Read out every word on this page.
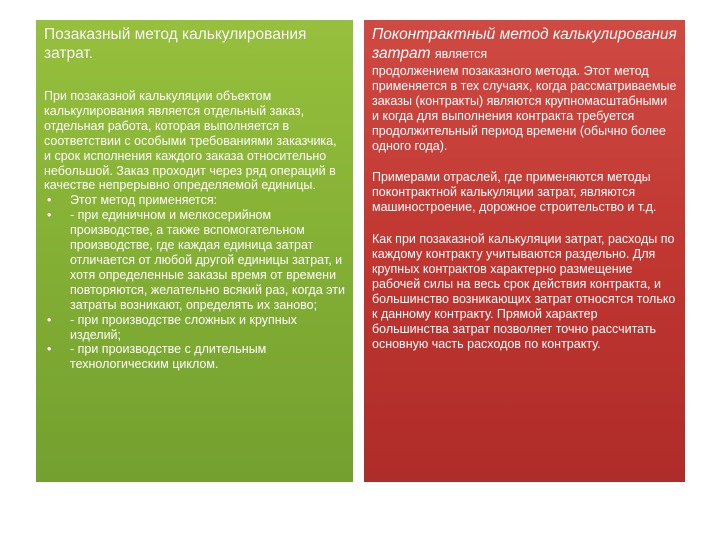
Позаказный метод калькулирования затрат.

При позаказной калькуляции объектом калькулирования является отдельный заказ, отдельная работа, которая выполняется в соответствии с особыми требованиями заказчика, и срок исполнения каждого заказа относительно небольшой. Заказ проходит через ряд операций в качестве непрерывно определяемой единицы.

• Этот метод применяется:
• - при единичном и мелкосерийном производстве, а также вспомогательном производстве, где каждая единица затрат отличается от любой другой единицы затрат, и хотя определенные заказы время от времени повторяются, желательно всякий раз, когда эти затраты возникают, определять их заново;
• - при производстве сложных и крупных изделий;
• - при производстве с длительным технологическим циклом.

Поконтрактный метод калькулирования затрат является

продолжением позаказного метода. Этот метод применяется в тех случаях, когда рассматриваемые заказы (контракты) являются крупномасштабными и когда для выполнения контракта требуется продолжительный период времени (обычно более одного года).

Примерами отраслей, где применяются методы поконтрактной калькуляции затрат, являются машиностроение, дорожное строительство и т.д.

Как при позаказной калькуляции затрат, расходы по каждому контракту учитываются раздельно. Для крупных контрактов характерно размещение рабочей силы на весь срок действия контракта, и большинство возникающих затрат относятся только к данному контракту. Прямой характер большинства затрат позволяет точно рассчитать основную часть расходов по контракту.
